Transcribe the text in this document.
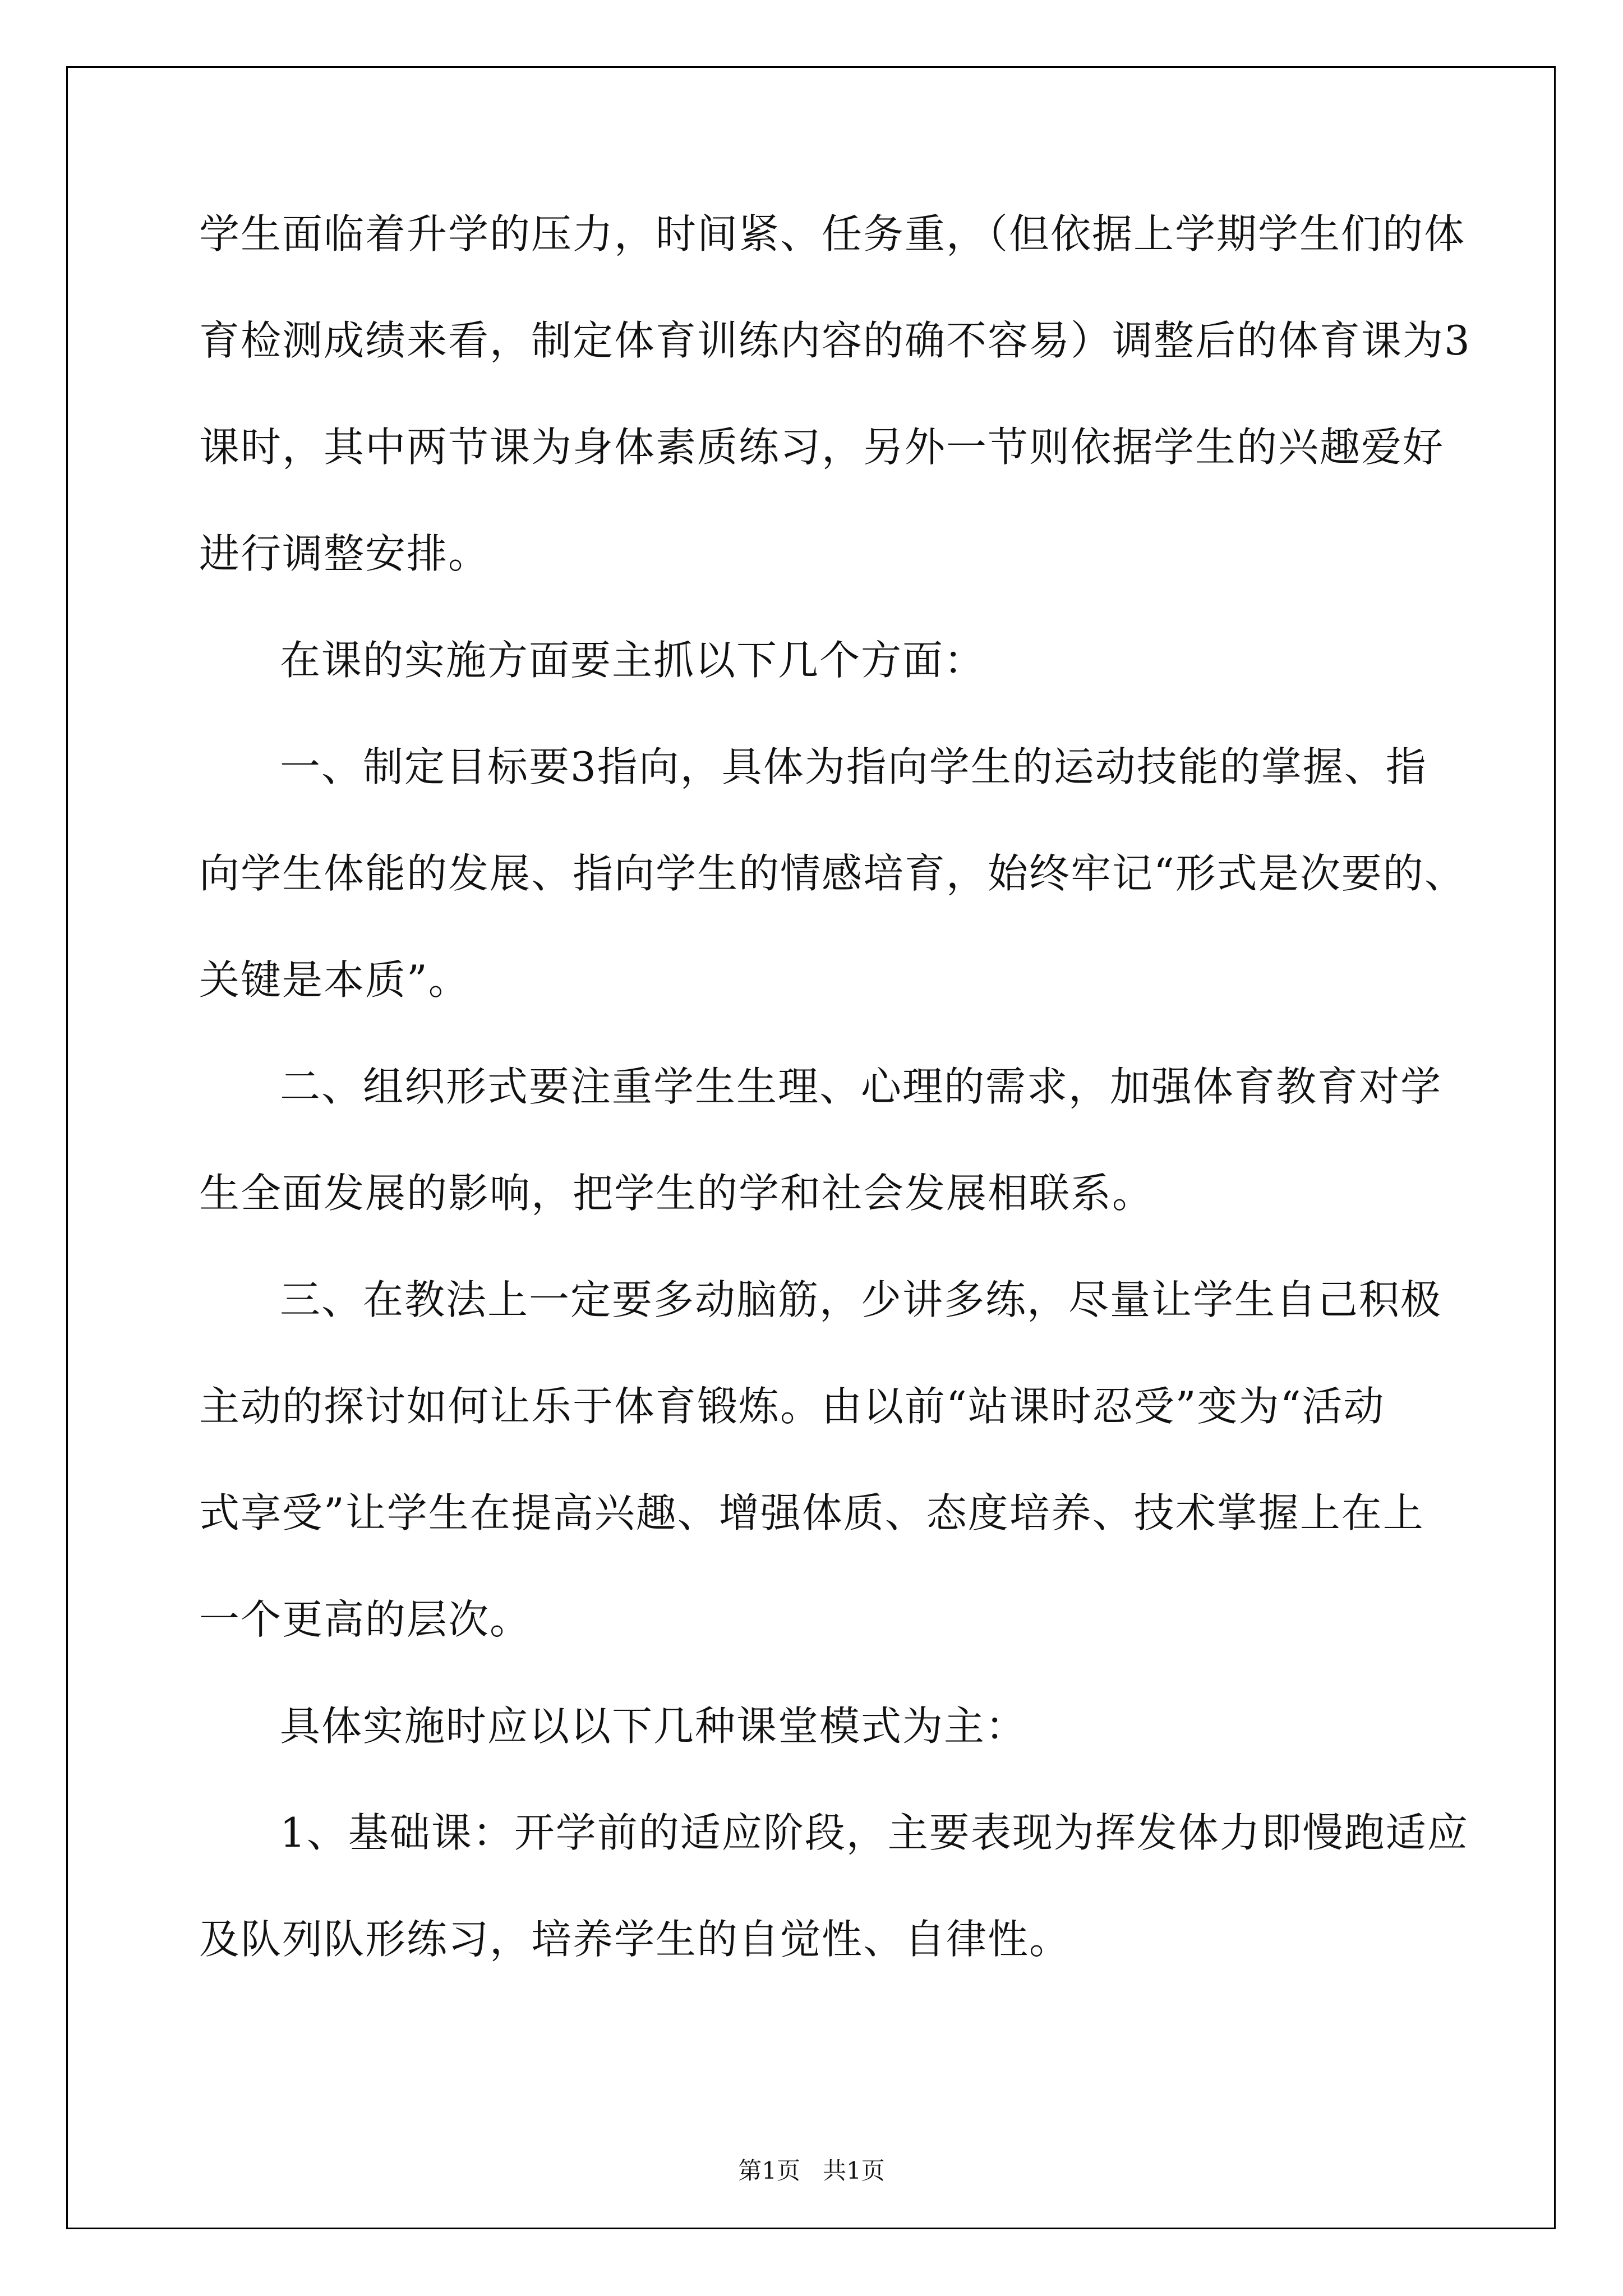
学生面临着升学的压力，时间紧、任务重，（但依据上学期学生们的体
育检测成绩来看，制定体育训练内容的确不容易）调整后的体育课为3
课时，其中两节课为身体素质练习，另外一节则依据学生的兴趣爱好
进行调整安排。
在课的实施方面要主抓以下几个方面：
一、制定目标要3指向，具体为指向学生的运动技能的掌握、指
向学生体能的发展、指向学生的情感培育，始终牢记“形式是次要的、
关键是本质”。
二、组织形式要注重学生生理、心理的需求，加强体育教育对学
生全面发展的影响，把学生的学和社会发展相联系。
三、在教法上一定要多动脑筋，少讲多练，尽量让学生自己积极
主动的探讨如何让乐于体育锻炼。由以前“站课时忍受”变为“活动
式享受”让学生在提高兴趣、增强体质、态度培养、技术掌握上在上
一个更高的层次。
具体实施时应以以下几种课堂模式为主：
1、基础课：开学前的适应阶段，主要表现为挥发体力即慢跑适应
及队列队形练习，培养学生的自觉性、自律性。
第1页   共1页
